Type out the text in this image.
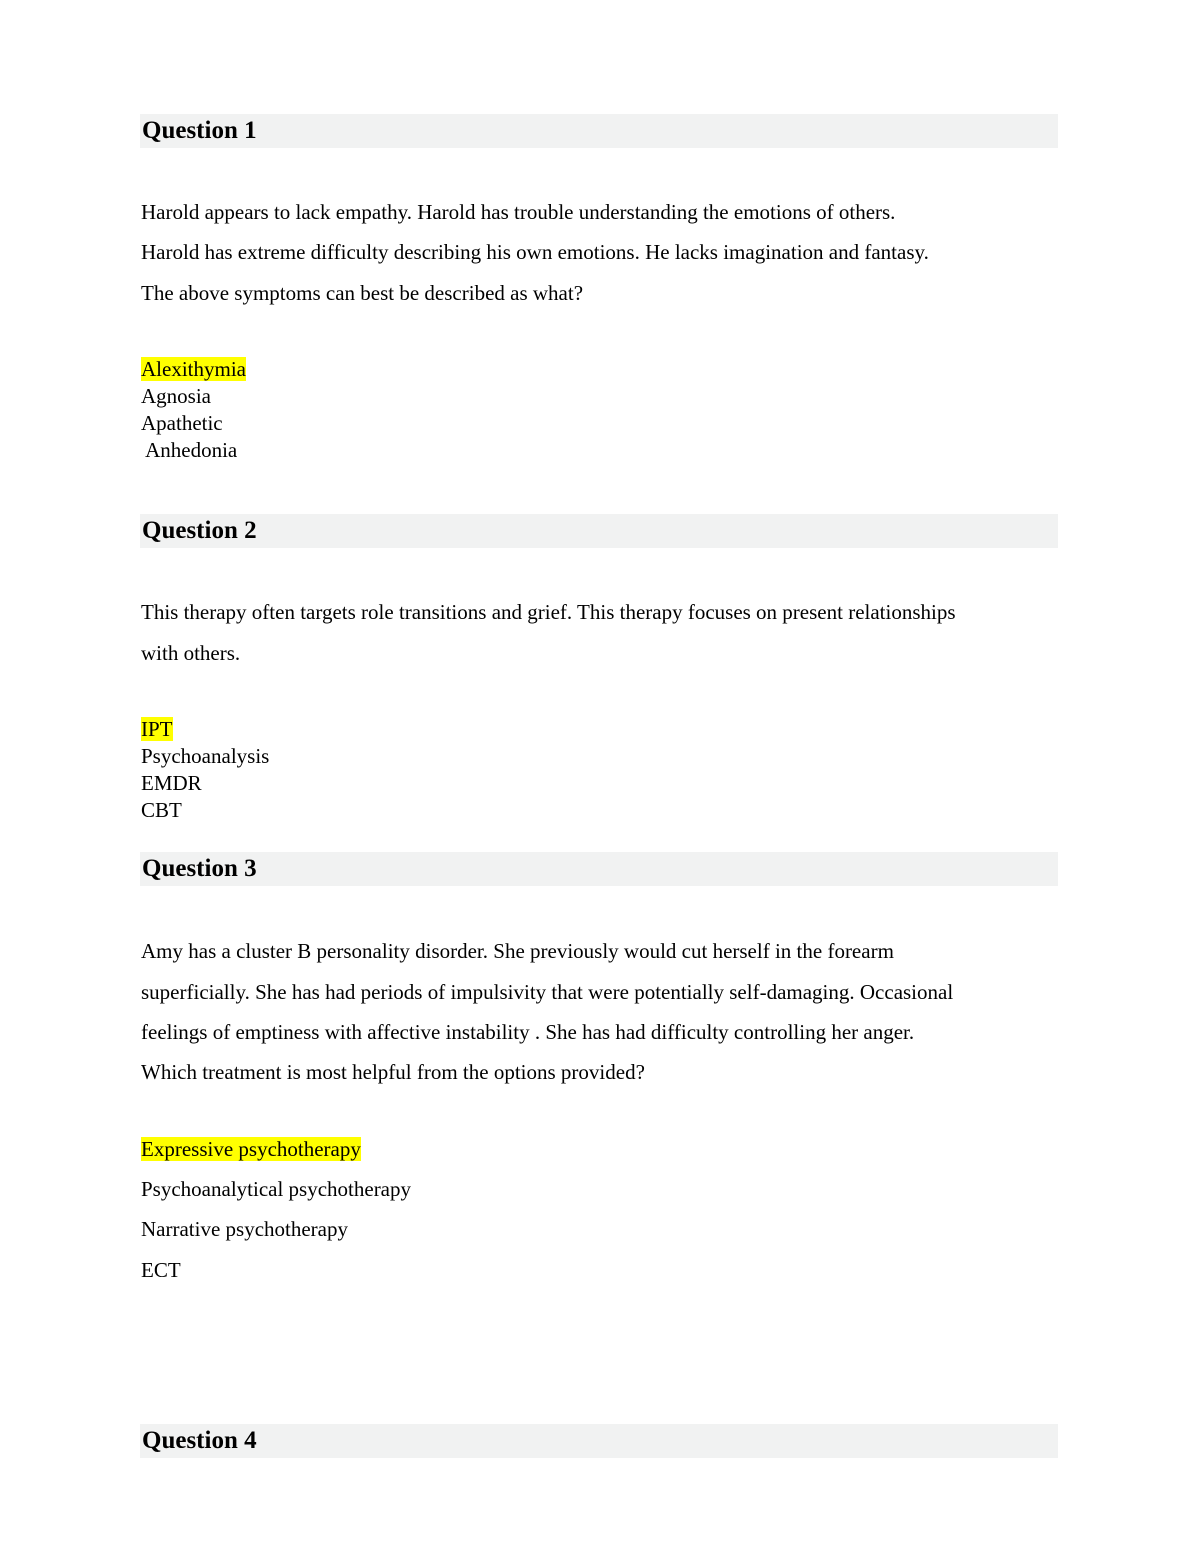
Question 1
Harold appears to lack empathy. Harold has trouble understanding the emotions of others.
Harold has extreme difficulty describing his own emotions. He lacks imagination and fantasy.
The above symptoms can best be described as what?
Alexithymia
Agnosia
Apathetic
Anhedonia
Question 2
This therapy often targets role transitions and grief. This therapy focuses on present relationships
with others.
IPT
Psychoanalysis
EMDR
CBT
Question 3
Amy has a cluster B personality disorder. She previously would cut herself in the forearm
superficially. She has had periods of impulsivity that were potentially self-damaging. Occasional
feelings of emptiness with affective instability . She has had difficulty controlling her anger.
Which treatment is most helpful from the options provided?
Expressive psychotherapy
Psychoanalytical psychotherapy
Narrative psychotherapy
ECT
Question 4
